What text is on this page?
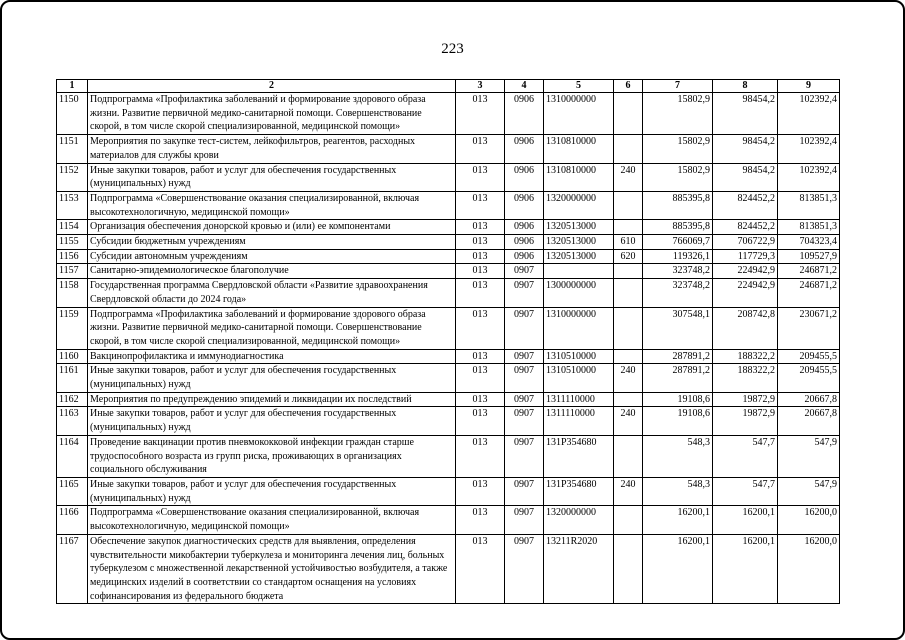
223
1	2	3	4	5	6	7	8	9
1150	Подпрограмма «Профилактика заболеваний и формирование здорового образа жизни. Развитие первичной медико-санитарной помощи. Совершенствование скорой, в том числе скорой специализированной, медицинской помощи»	013	0906	1310000000		15802,9	98454,2	102392,4
1151	Мероприятия по закупке тест-систем, лейкофильтров, реагентов, расходных материалов для службы крови	013	0906	1310810000		15802,9	98454,2	102392,4
1152	Иные закупки товаров, работ и услуг для обеспечения государственных (муниципальных) нужд	013	0906	1310810000	240	15802,9	98454,2	102392,4
1153	Подпрограмма «Совершенствование оказания специализированной, включая высокотехнологичную, медицинской помощи»	013	0906	1320000000		885395,8	824452,2	813851,3
1154	Организация обеспечения донорской кровью и (или) ее компонентами	013	0906	1320513000		885395,8	824452,2	813851,3
1155	Субсидии бюджетным учреждениям	013	0906	1320513000	610	766069,7	706722,9	704323,4
1156	Субсидии автономным учреждениям	013	0906	1320513000	620	119326,1	117729,3	109527,9
1157	Санитарно-эпидемиологическое благополучие	013	0907			323748,2	224942,9	246871,2
1158	Государственная программа Свердловской области «Развитие здравоохранения Свердловской области до 2024 года»	013	0907	1300000000		323748,2	224942,9	246871,2
1159	Подпрограмма «Профилактика заболеваний и формирование здорового образа жизни. Развитие первичной медико-санитарной помощи. Совершенствование скорой, в том числе скорой специализированной, медицинской помощи»	013	0907	1310000000		307548,1	208742,8	230671,2
1160	Вакцинопрофилактика и иммунодиагностика	013	0907	1310510000		287891,2	188322,2	209455,5
1161	Иные закупки товаров, работ и услуг для обеспечения государственных (муниципальных) нужд	013	0907	1310510000	240	287891,2	188322,2	209455,5
1162	Мероприятия по предупреждению эпидемий и ликвидации их последствий	013	0907	1311110000		19108,6	19872,9	20667,8
1163	Иные закупки товаров, работ и услуг для обеспечения государственных (муниципальных) нужд	013	0907	1311110000	240	19108,6	19872,9	20667,8
1164	Проведение вакцинации против пневмококковой инфекции граждан старше трудоспособного возраста из групп риска, проживающих в организациях социального обслуживания	013	0907	131P354680		548,3	547,7	547,9
1165	Иные закупки товаров, работ и услуг для обеспечения государственных (муниципальных) нужд	013	0907	131P354680	240	548,3	547,7	547,9
1166	Подпрограмма «Совершенствование оказания специализированной, включая высокотехнологичную, медицинской помощи»	013	0907	1320000000		16200,1	16200,1	16200,0
1167	Обеспечение закупок диагностических средств для выявления, определения чувствительности микобактерии туберкулеза и мониторинга лечения лиц, больных туберкулезом с множественной лекарственной устойчивостью возбудителя, а также медицинских изделий в соответствии со стандартом оснащения на условиях софинансирования из федерального бюджета	013	0907	13211R2020		16200,1	16200,1	16200,0
